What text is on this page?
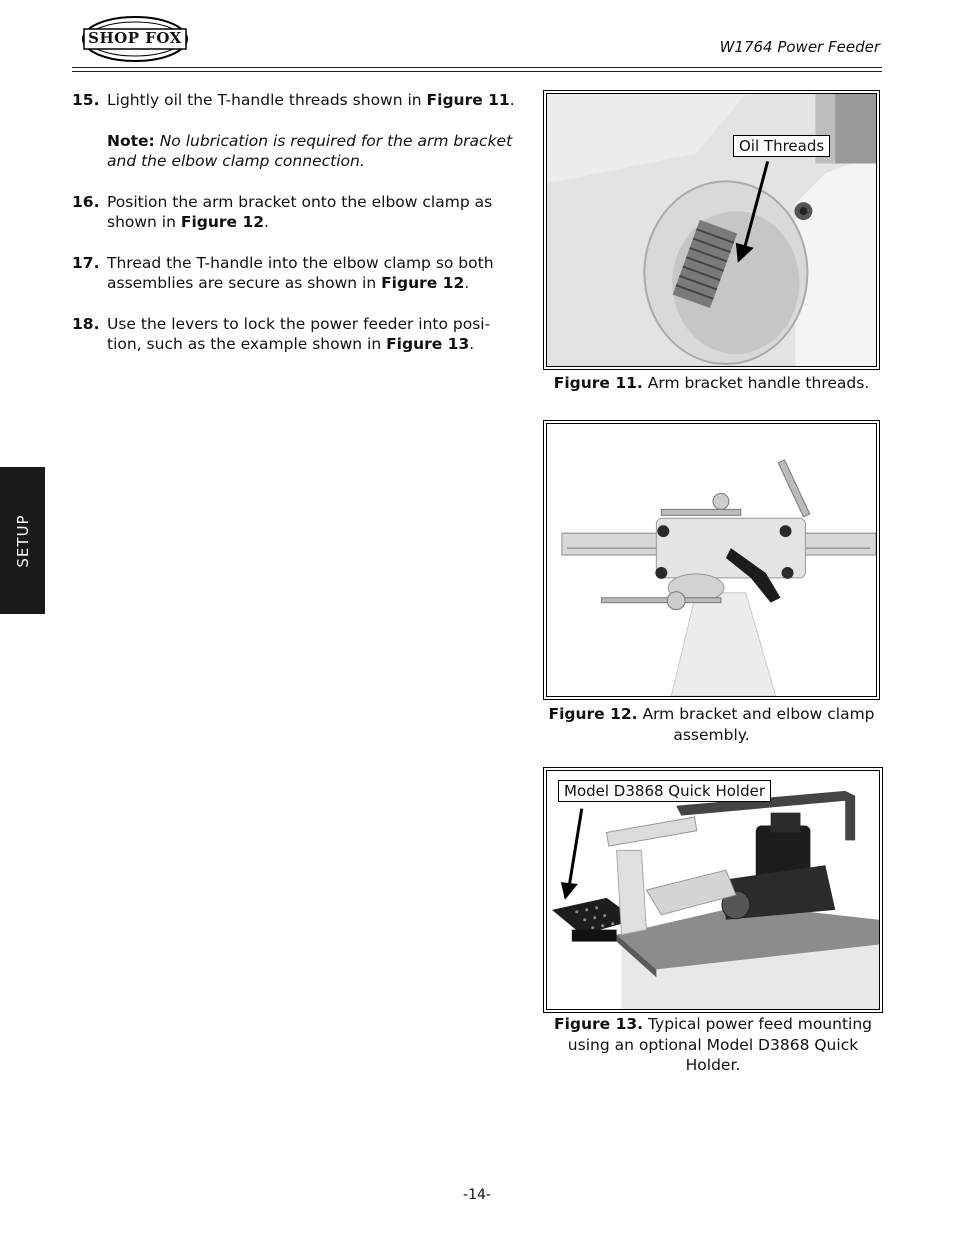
SHOP FOX	W1764 Power Feeder
SETUP
15. Lightly oil the T-handle threads shown in Figure 11.
Note: No lubrication is required for the arm bracket and the elbow clamp connection.
16. Position the arm bracket onto the elbow clamp as shown in Figure 12.
17. Thread the T-handle into the elbow clamp so both assemblies are secure as shown in Figure 12.
18. Use the levers to lock the power feeder into posi-tion, such as the example shown in Figure 13.
Oil Threads
Figure 11. Arm bracket handle threads.
Figure 12. Arm bracket and elbow clamp assembly.
Model D3868 Quick Holder
Figure 13. Typical power feed mounting using an optional Model D3868 Quick Holder.
-14-
